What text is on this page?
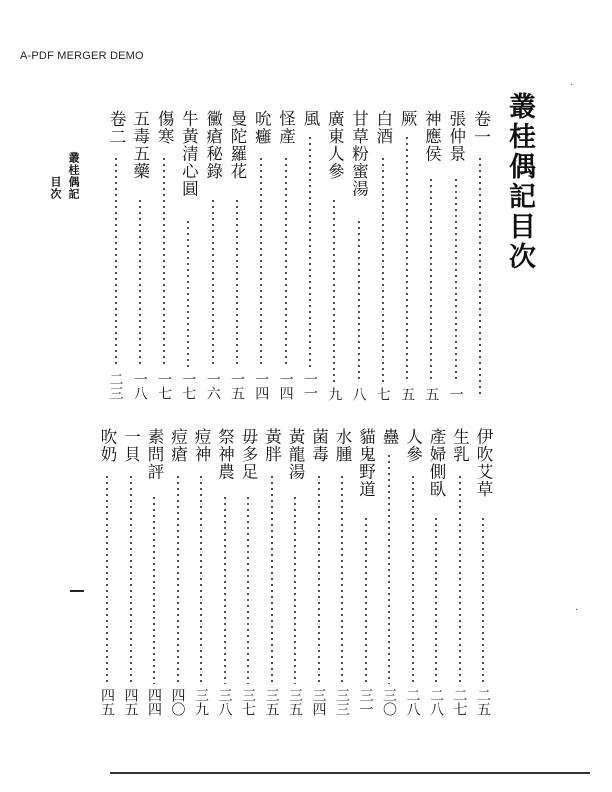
A-PDF MERGER DEMO
叢桂偶記目次
叢桂偶記
目次
卷一
張仲景
一
神應侯
五
厥
五
白酒
七
甘草粉蜜湯
八
廣東人參
九
風
一一
怪產
一四
吮癰
一四
曼陀羅花
一五
黴瘡秘錄
一六
牛黃清心圓
一七
傷寒
一七
五毒五藥
一八
卷二
二三
伊吹艾草
二五
生乳
二七
產婦側臥
二八
人參
二八
蠱
三〇
貓鬼野道
三一
水腫
三三
菌毒
三四
黃龍湯
三五
黃胖
三五
毋多足
三七
祭神農
三八
痘神
三九
痘瘡
四〇
素問評
四四
一貝
四五
吹奶
四五
·
·
